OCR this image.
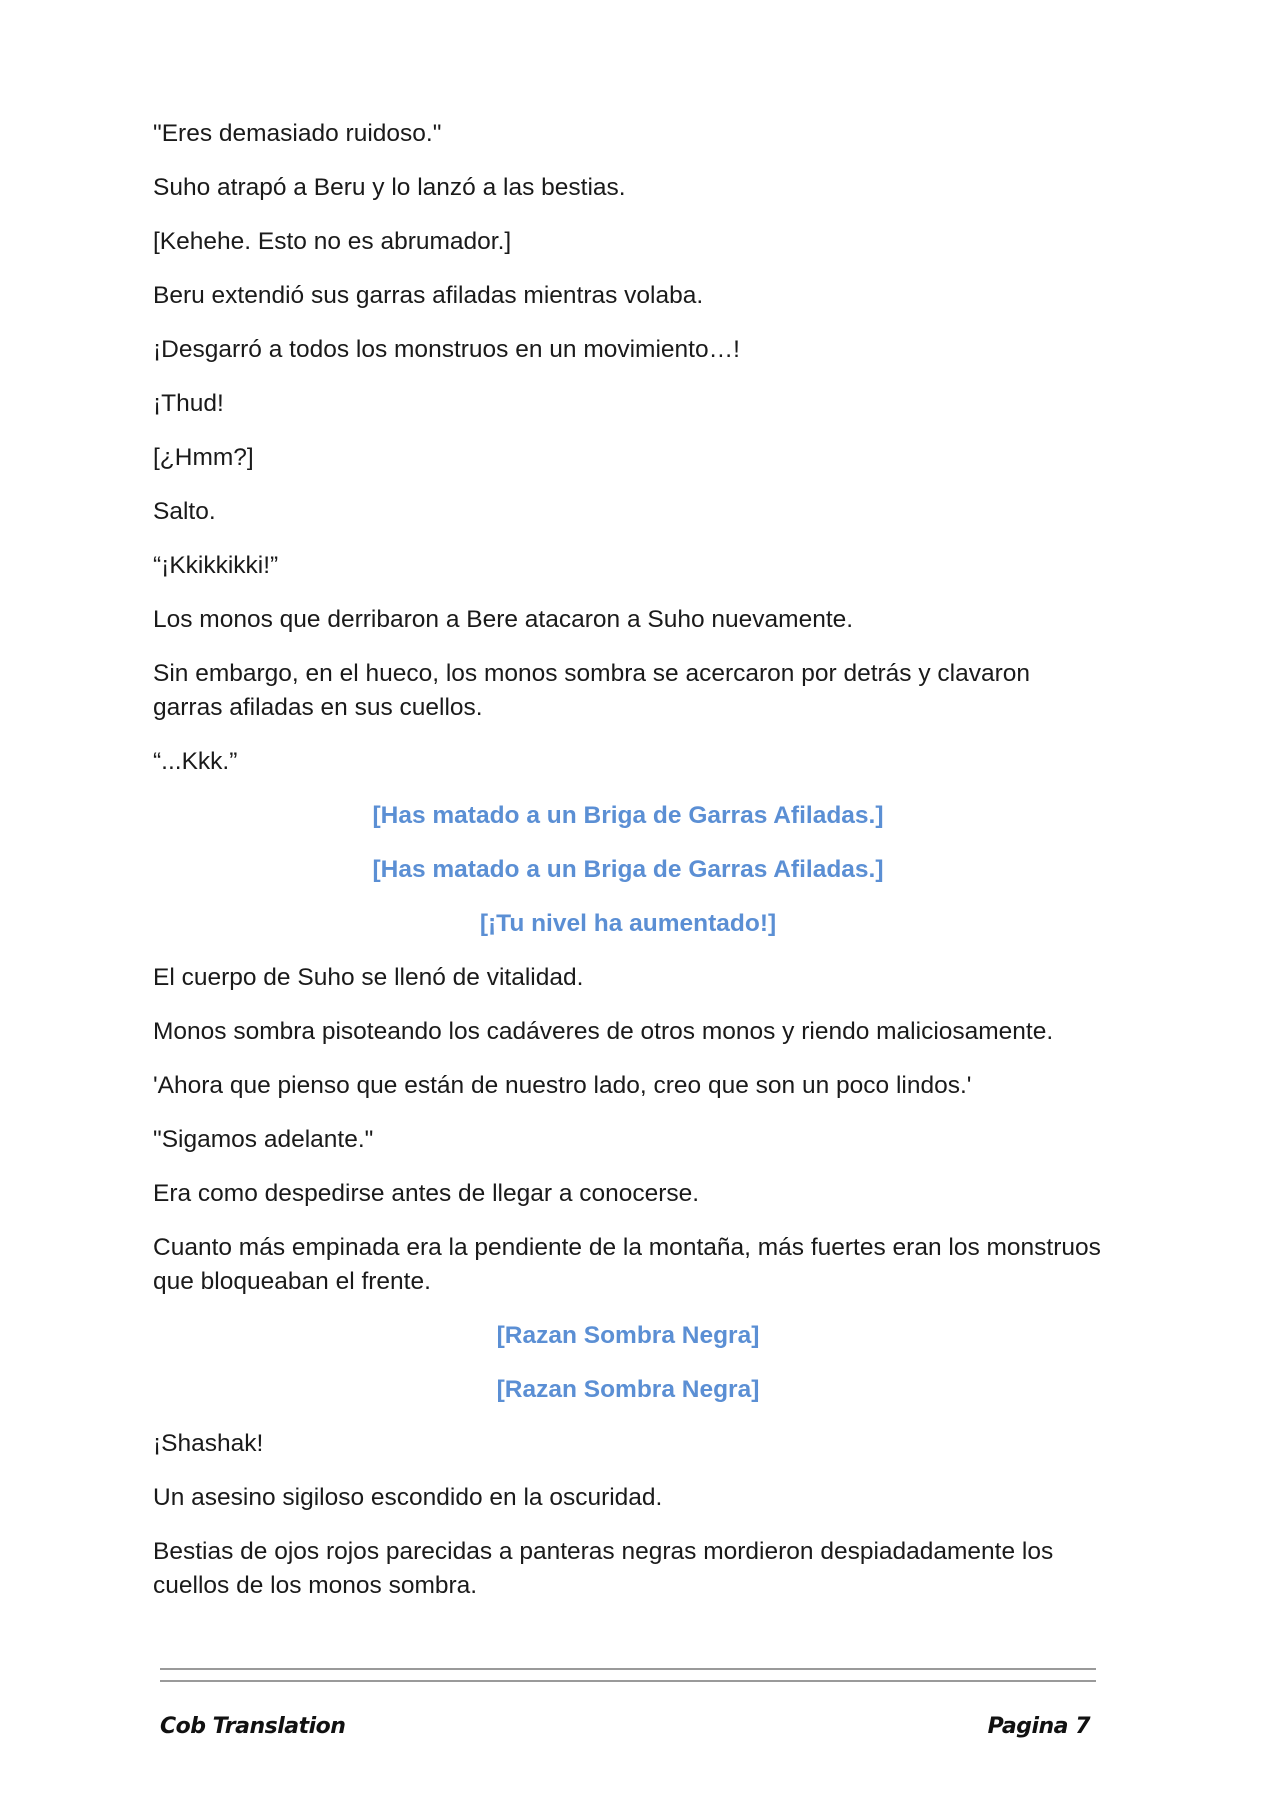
"Eres demasiado ruidoso."

Suho atrapó a Beru y lo lanzó a las bestias.

[Kehehe. Esto no es abrumador.]

Beru extendió sus garras afiladas mientras volaba.

¡Desgarró a todos los monstruos en un movimiento…!

¡Thud!

[¿Hmm?]

Salto.

“¡Kkikkikki!”

Los monos que derribaron a Bere atacaron a Suho nuevamente.

Sin embargo, en el hueco, los monos sombra se acercaron por detrás y clavaron garras afiladas en sus cuellos.

“...Kkk.”

[Has matado a un Briga de Garras Afiladas.]

[Has matado a un Briga de Garras Afiladas.]

[¡Tu nivel ha aumentado!]

El cuerpo de Suho se llenó de vitalidad.

Monos sombra pisoteando los cadáveres de otros monos y riendo maliciosamente.

'Ahora que pienso que están de nuestro lado, creo que son un poco lindos.'

"Sigamos adelante."

Era como despedirse antes de llegar a conocerse.

Cuanto más empinada era la pendiente de la montaña, más fuertes eran los monstruos que bloqueaban el frente.

[Razan Sombra Negra]

[Razan Sombra Negra]

¡Shashak!

Un asesino sigiloso escondido en la oscuridad.

Bestias de ojos rojos parecidas a panteras negras mordieron despiadadamente los cuellos de los monos sombra.

Cob Translation	Pagina 7
